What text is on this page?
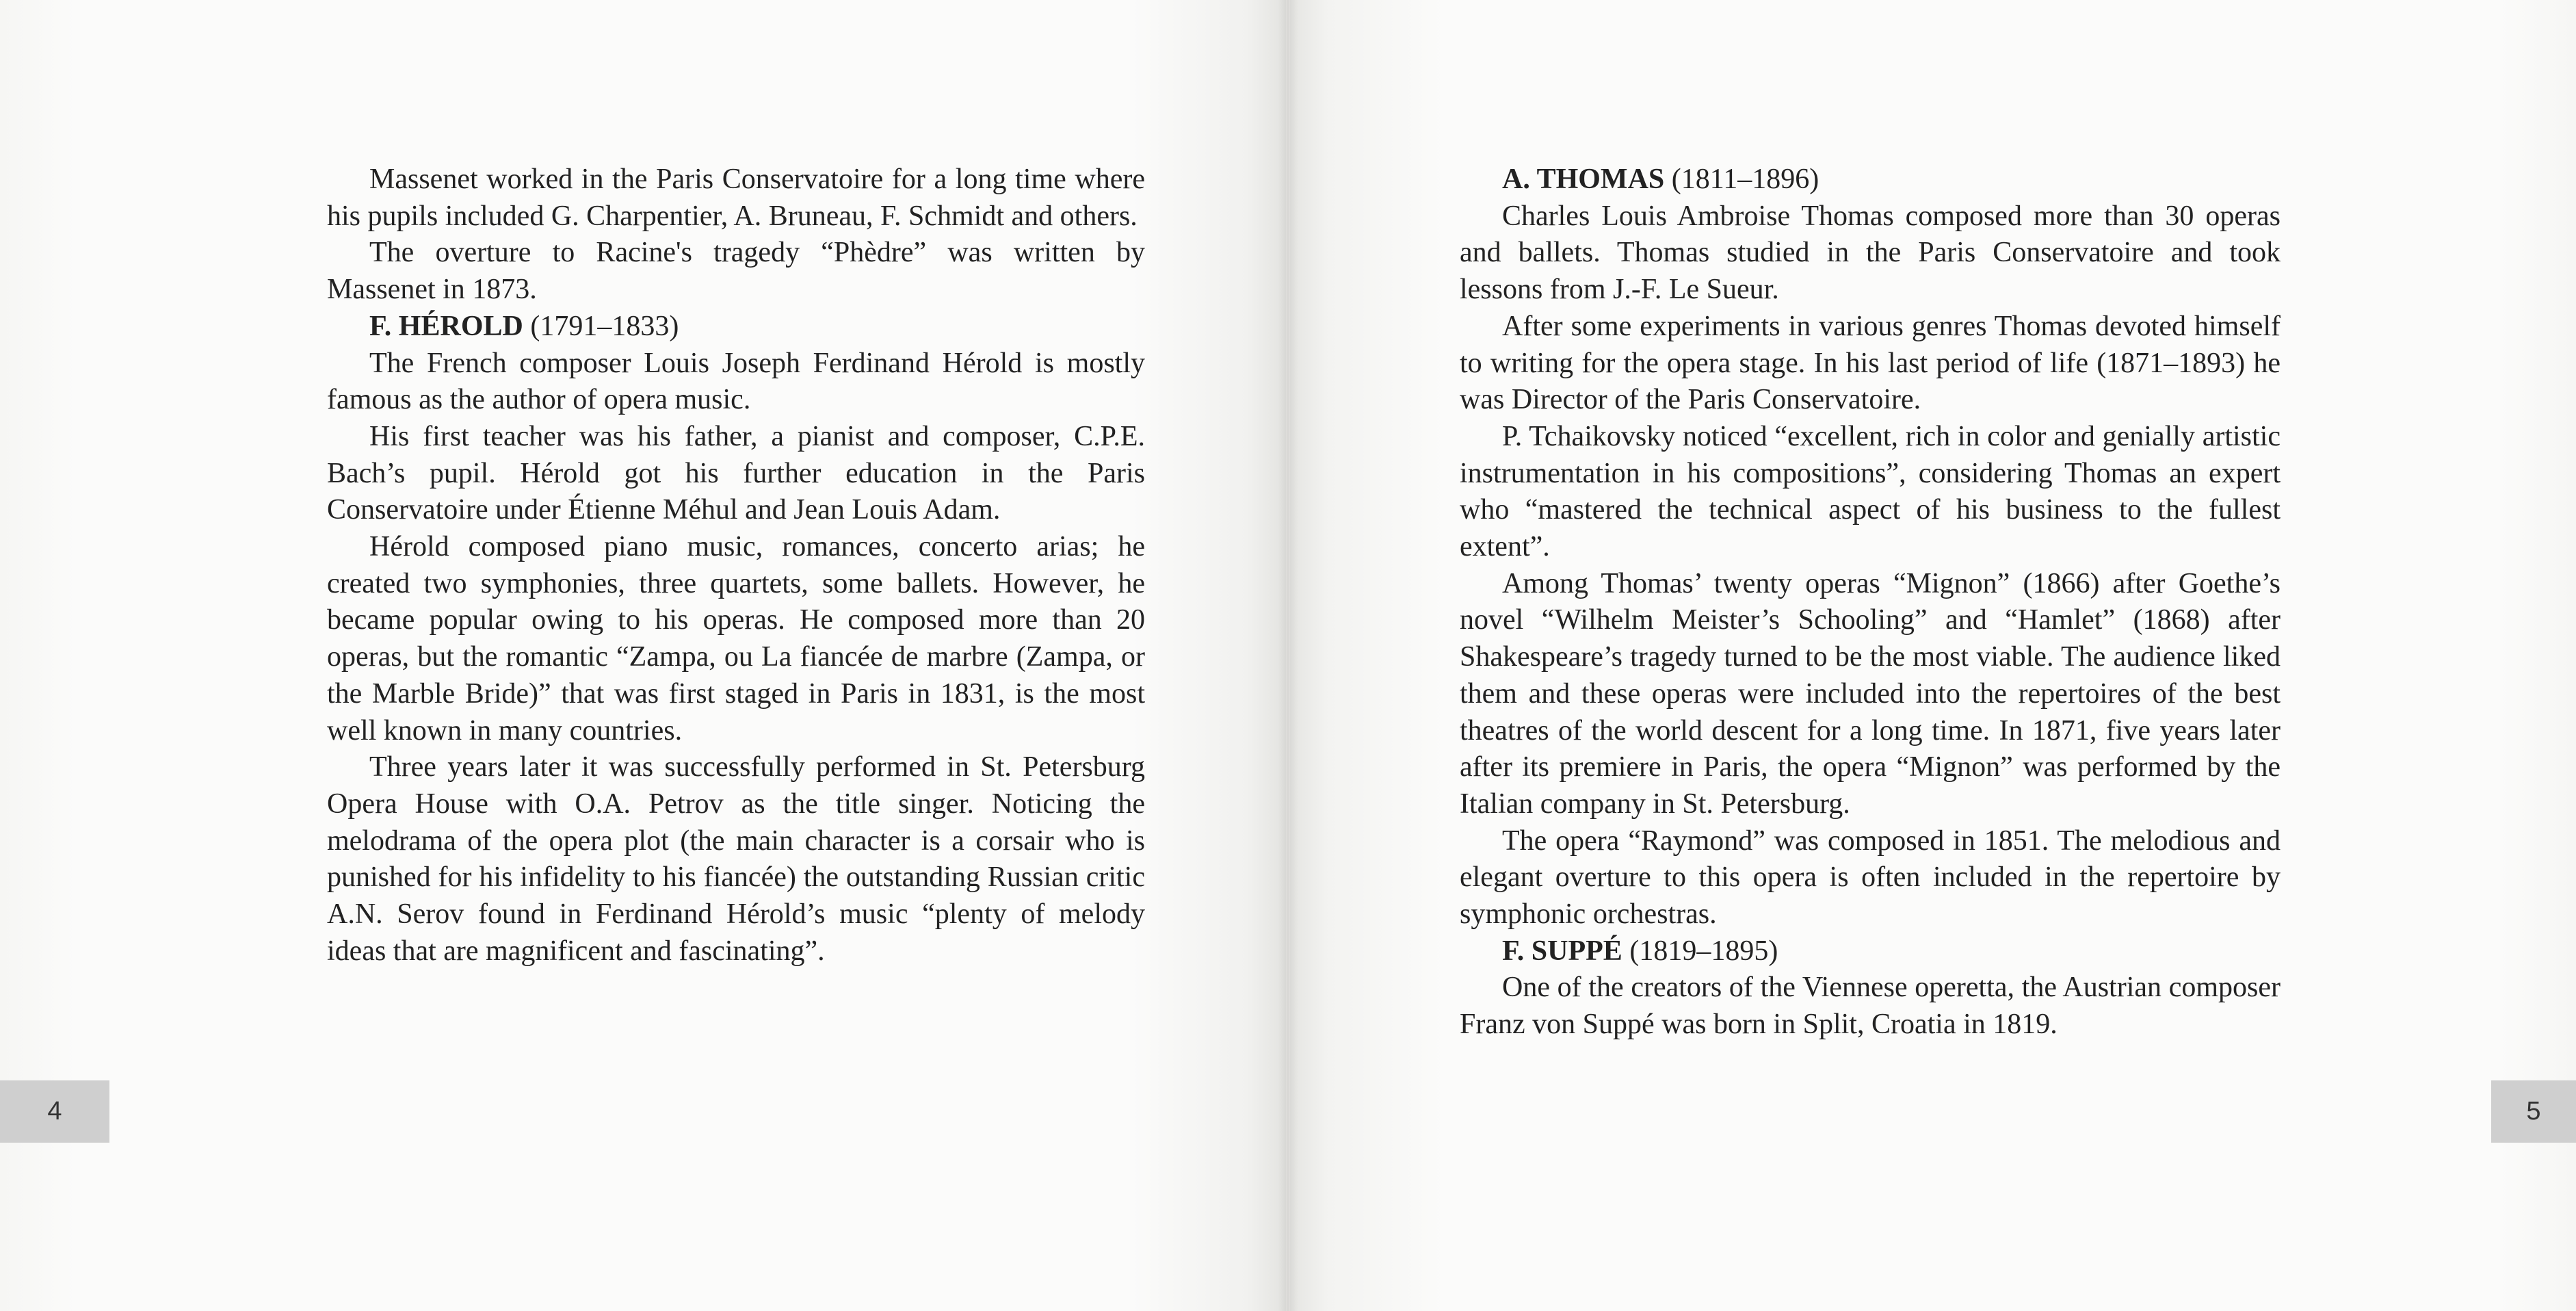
4	5

Massenet worked in the Paris Conservatoire for a long time where his pupils included G. Charpentier, A. Bruneau, F. Schmidt and others.

The overture to Racine's tragedy “Phèdre” was written by Massenet in 1873.

F. HÉROLD (1791–1833)

The French composer Louis Joseph Ferdinand Hérold is mostly famous as the author of opera music.

His first teacher was his father, a pianist and composer, C.P.E. Bach’s pupil. Hérold got his further education in the Paris Conservatoire under Étienne Méhul and Jean Louis Adam.

Hérold composed piano music, romances, concerto arias; he created two symphonies, three quartets, some ballets. However, he became popular owing to his operas. He composed more than 20 operas, but the romantic “Zampa, ou La fiancée de marbre (Zampa, or the Marble Bride)” that was first staged in Paris in 1831, is the most well known in many countries.

Three years later it was successfully performed in St. Petersburg Opera House with O.A. Petrov as the title singer. Noticing the melodrama of the opera plot (the main character is a corsair who is punished for his infidelity to his fiancée) the outstanding Russian critic A.N. Serov found in Ferdinand Hérold’s music “plenty of melody ideas that are magnificent and fascinating”.

A. THOMAS (1811–1896)

Charles Louis Ambroise Thomas composed more than 30 operas and ballets. Thomas studied in the Paris Conservatoire and took lessons from J.-F. Le Sueur.

After some experiments in various genres Thomas devoted himself to writing for the opera stage. In his last period of life (1871–1893) he was Director of the Paris Conservatoire.

P. Tchaikovsky noticed “excellent, rich in color and genially artistic instrumentation in his compositions”, considering Thomas an expert who “mastered the technical aspect of his business to the fullest extent”.

Among Thomas’ twenty operas “Mignon” (1866) after Goethe’s novel “Wilhelm Meister’s Schooling” and “Hamlet” (1868) after Shakespeare’s tragedy turned to be the most viable. The audience liked them and these operas were included into the repertoires of the best theatres of the world descent for a long time. In 1871, five years later after its premiere in Paris, the opera “Mignon” was performed by the Italian company in St. Petersburg.

The opera “Raymond” was composed in 1851. The melodious and elegant overture to this opera is often included in the repertoire by symphonic orchestras.

F. SUPPÉ (1819–1895)

One of the creators of the Viennese operetta, the Austrian composer Franz von Suppé was born in Split, Croatia in 1819.
